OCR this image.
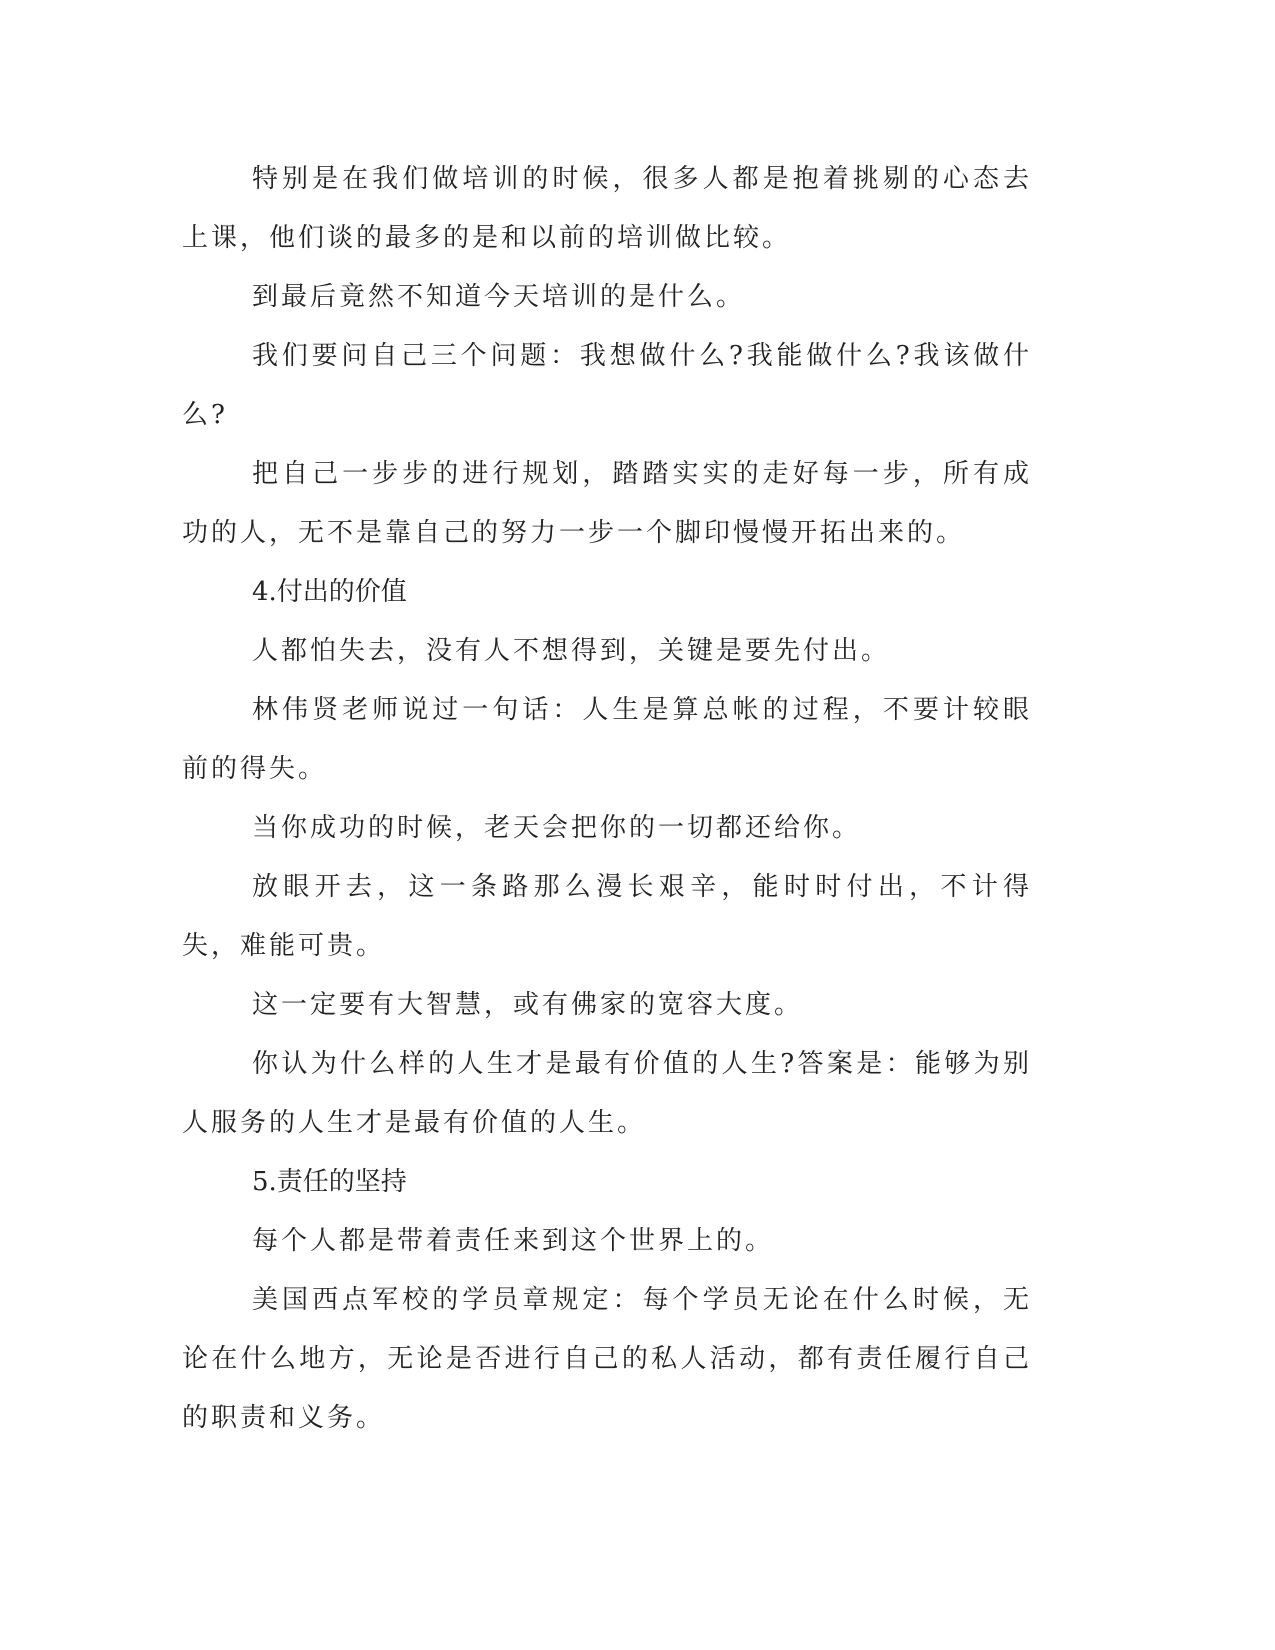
特别是在我们做培训的时候，很多人都是抱着挑剔的心态去上课，他们谈的最多的是和以前的培训做比较。

到最后竟然不知道今天培训的是什么。

我们要问自己三个问题：我想做什么?我能做什么?我该做什么?

把自己一步步的进行规划，踏踏实实的走好每一步，所有成功的人，无不是靠自己的努力一步一个脚印慢慢开拓出来的。

4.付出的价值

人都怕失去，没有人不想得到，关键是要先付出。

林伟贤老师说过一句话：人生是算总帐的过程，不要计较眼前的得失。

当你成功的时候，老天会把你的一切都还给你。

放眼开去，这一条路那么漫长艰辛，能时时付出，不计得失，难能可贵。

这一定要有大智慧，或有佛家的宽容大度。

你认为什么样的人生才是最有价值的人生?答案是：能够为别人服务的人生才是最有价值的人生。

5.责任的坚持

每个人都是带着责任来到这个世界上的。

美国西点军校的学员章规定：每个学员无论在什么时候，无论在什么地方，无论是否进行自己的私人活动，都有责任履行自己的职责和义务。
